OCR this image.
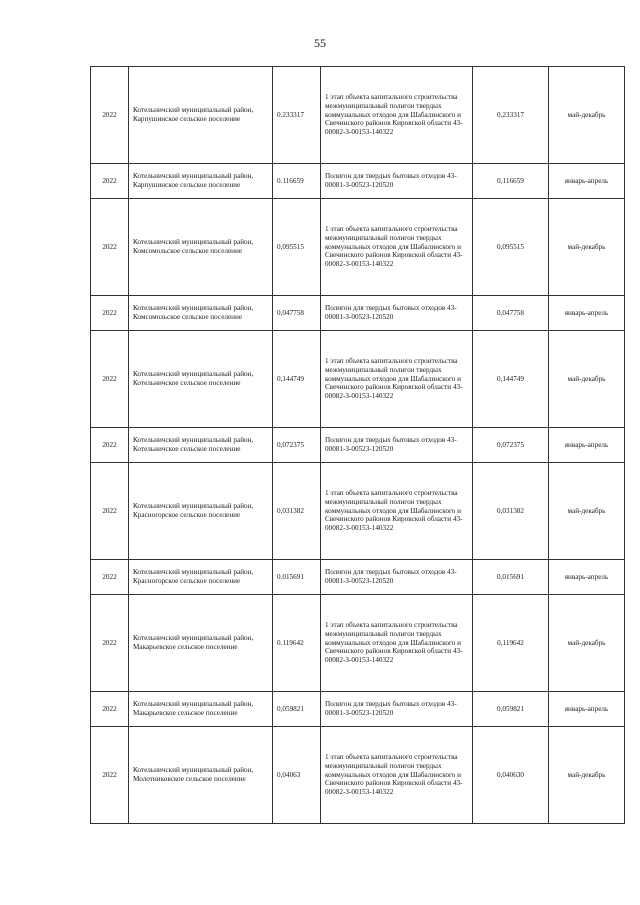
55
2022	Котельничский муниципальный район, Карпушинское сельское поселение	0.233317	1 этап объекта капитального строительства межмуниципальный полигон твердых коммунальных отходов для Шабалинского и Свечинского районов Кировской области 43-00082-З-00153-140322	0,233317	май-декабрь
2022	Котельничский муниципальный район, Карпушинское сельское поселение	0.116659	Полигон для твердых бытовых отходов 43-00081-З-00523-120520	0,116659	январь-апрель
2022	Котельничский муниципальный район, Комсомольское сельское поселение	0,095515	1 этап объекта капитального строительства межмуниципальный полигон твердых коммунальных отходов для Шабалинского и Свечинского районов Кировской области 43-00082-З-00153-140322	0,095515	май-декабрь
2022	Котельничский муниципальный район, Комсомольское сельское поселение	0,047758	Полигон для твердых бытовых отходов 43-00081-З-00523-120520	0,047758	январь-апрель
2022	Котельничский муниципальный район, Котельничское сельское поселение	0,144749	1 этап объекта капитального строительства межмуниципальный полигон твердых коммунальных отходов для Шабалинского и Свечинского районов Кировской области 43-00082-З-00153-140322	0,144749	май-декабрь
2022	Котельничский муниципальный район, Котельничское сельское поселение	0,072375	Полигон для твердых бытовых отходов 43-00081-З-00523-120520	0,072375	январь-апрель
2022	Котельничский муниципальный район, Красногорское сельское поселение	0,031382	1 этап объекта капитального строительства межмуниципальный полигон твердых коммунальных отходов для Шабалинского и Свечинского районов Кировской области 43-00082-З-00153-140322	0,031382	май-декабрь
2022	Котельничский муниципальный район, Красногорское сельское поселение	0.015691	Полигон для твердых бытовых отходов 43-00081-З-00523-120520	0,015691	январь-апрель
2022	Котельничский муниципальный район, Макарьевское сельское поселение	0.119642	1 этап объекта капитального строительства межмуниципальный полигон твердых коммунальных отходов для Шабалинского и Свечинского районов Кировской области 43-00082-З-00153-140322	0,119642	май-декабрь
2022	Котельничский муниципальный район, Макарьевское сельское поселение	0,059821	Полигон для твердых бытовых отходов 43-00081-З-00523-120520	0,059821	январь-апрель
2022	Котельничский муниципальный район, Молотниковское сельское поселение	0,04063	1 этап объекта капитального строительства межмуниципальный полигон твердых коммунальных отходов для Шабалинского и Свечинского районов Кировской области 43-00082-З-00153-140322	0,040630	май-декабрь
